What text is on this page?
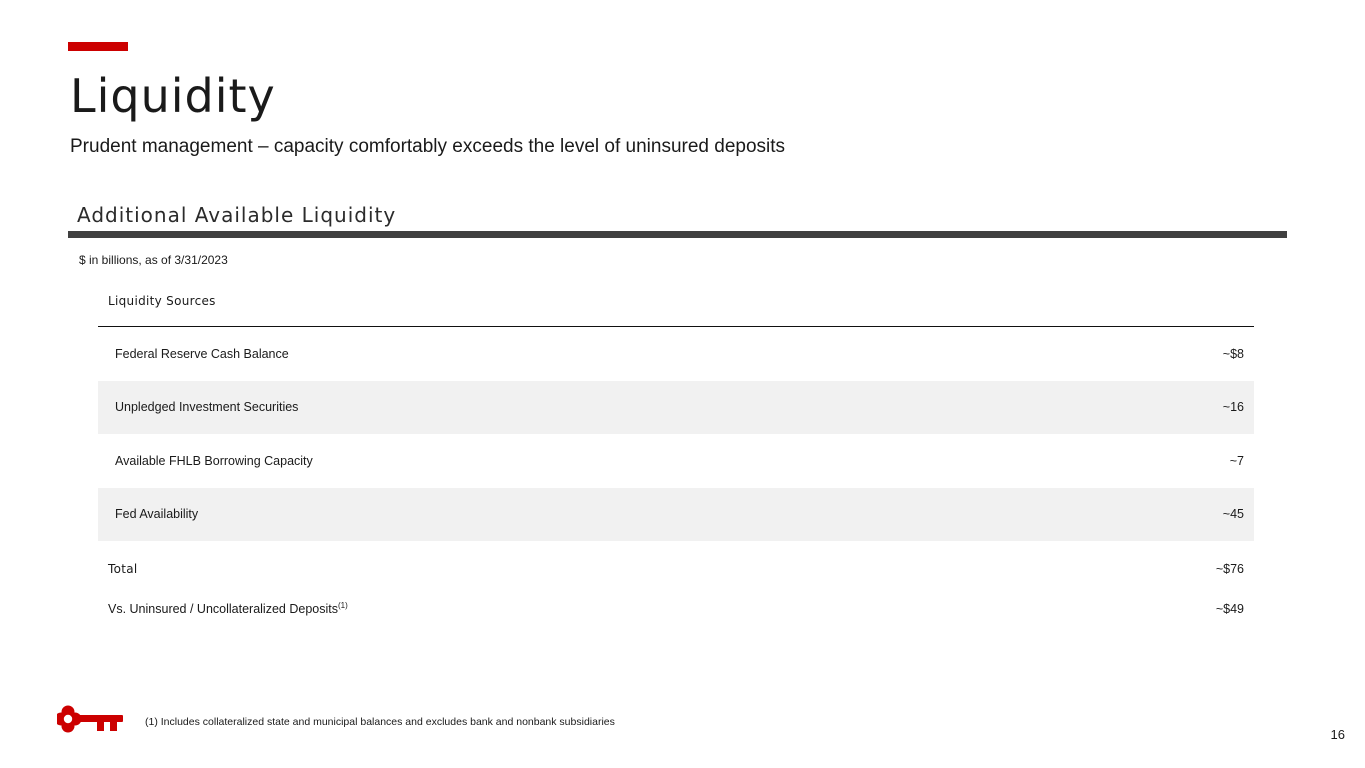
Liquidity
Prudent management – capacity comfortably exceeds the level of uninsured deposits
Additional Available Liquidity
$ in billions, as of 3/31/2023
Liquidity Sources
Federal Reserve Cash Balance	~$8
Unpledged Investment Securities	~16
Available FHLB Borrowing Capacity	~7
Fed Availability	~45
Total	~$76
Vs. Uninsured / Uncollateralized Deposits$^{(1)}$	~$49
(1) Includes collateralized state and municipal balances and excludes bank and nonbank subsidiaries
16
